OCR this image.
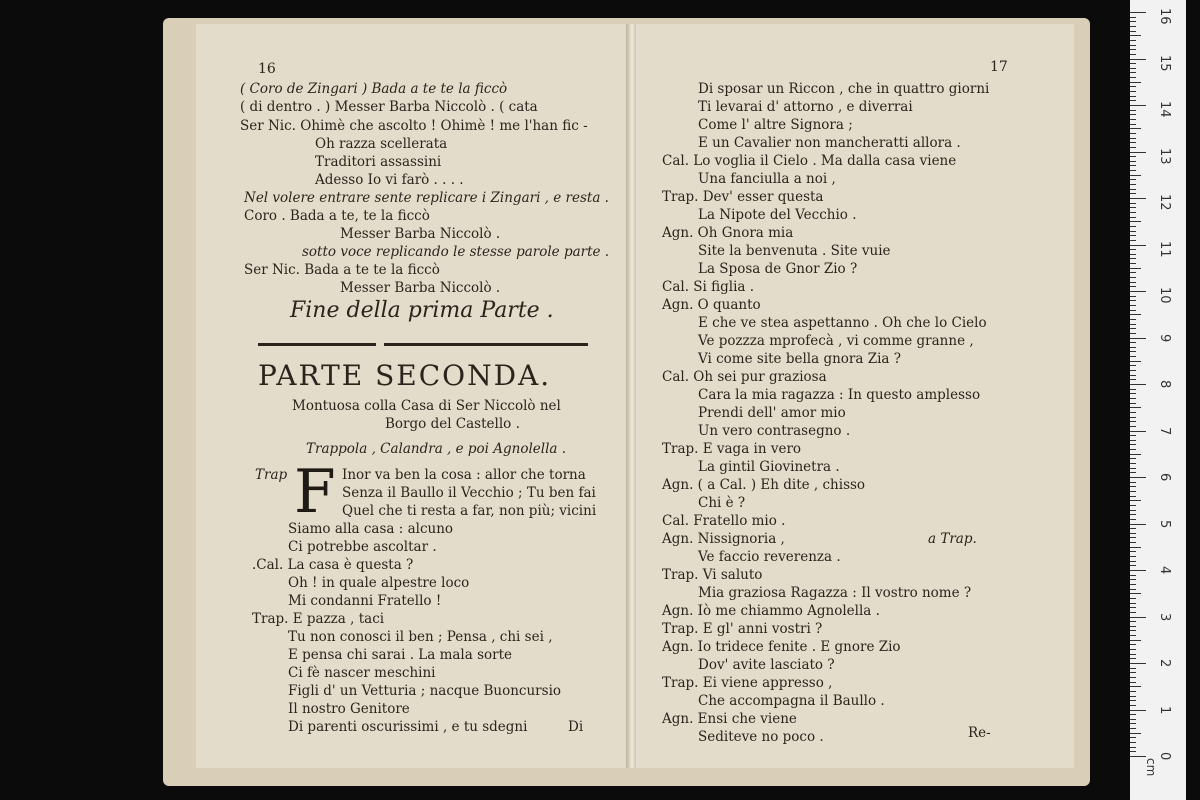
16
( Coro de Zingari ) Bada a te te la ficcò
( di dentro . ) Messer Barba Niccolò . ( cata
Ser Nic. Ohimè che ascolto ! Ohimè ! me l'han fic -
Oh razza scellerata
Traditori assassini
Adesso Io vi farò . . . .
Nel volere entrare sente replicare i Zingari , e resta .
Coro . Bada a te, te la ficcò
Messer Barba Niccolò .
sotto voce replicando le stesse parole parte .
Ser Nic. Bada a te te la ficcò
Messer Barba Niccolò .
Fine della prima Parte .
PARTE SECONDA.
Montuosa colla Casa di Ser Niccolò nel
Borgo del Castello .
Trappola , Calandra , e poi Agnolella .
Trap F Inor va ben la cosa : allor che torna
Senza il Baullo il Vecchio ; Tu ben fai
Quel che ti resta a far, non più; vicini
Siamo alla casa : alcuno
Ci potrebbe ascoltar .
.Cal. La casa è questa ?
Oh ! in quale alpestre loco
Mi condanni Fratello !
Trap. E pazza , taci
Tu non conosci il ben ; Pensa , chi sei ,
E pensa chi sarai . La mala sorte
Ci fè nascer meschini
Figli d' un Vetturia ; nacque Buoncursio
Il nostro Genitore
Di parenti oscurissimi , e tu sdegni	Di
17
Di sposar un Riccon , che in quattro giorni
Ti levarai d' attorno , e diverrai
Come l' altre Signora ;
E un Cavalier non mancheratti allora .
Cal. Lo voglia il Cielo . Ma dalla casa viene
Una fanciulla a noi ,
Trap. Dev' esser questa
La Nipote del Vecchio .
Agn. Oh Gnora mia
Site la benvenuta . Site vuie
La Sposa de Gnor Zio ?
Cal. Si figlia .
Agn. O quanto
E che ve stea aspettanno . Oh che lo Cielo
Ve pozzza mprofecà , vi comme granne ,
Vi come site bella gnora Zia ?
Cal. Oh sei pur graziosa
Cara la mia ragazza : In questo amplesso
Prendi dell' amor mio
Un vero contrasegno .
Trap. E vaga in vero
La gintil Giovinetra .
Agn. ( a Cal. ) Eh dite , chisso
Chi è ?
Cal. Fratello mio .
Agn. Nissignoria ,	a Trap.
Ve faccio reverenza .
Trap. Vi saluto
Mia graziosa Ragazza : Il vostro nome ?
Agn. Iò me chiammo Agnolella .
Trap. E gl' anni vostri ?
Agn. Io tridece fenite . E gnore Zio
Dov' avite lasciato ?
Trap. Ei viene appresso ,
Che accompagna il Baullo .
Agn. Ensi che viene
Sediteve no poco .	Re-
16
15
14
13
12
11
10
9
8
7
6
5
4
3
2
1
0
cm
